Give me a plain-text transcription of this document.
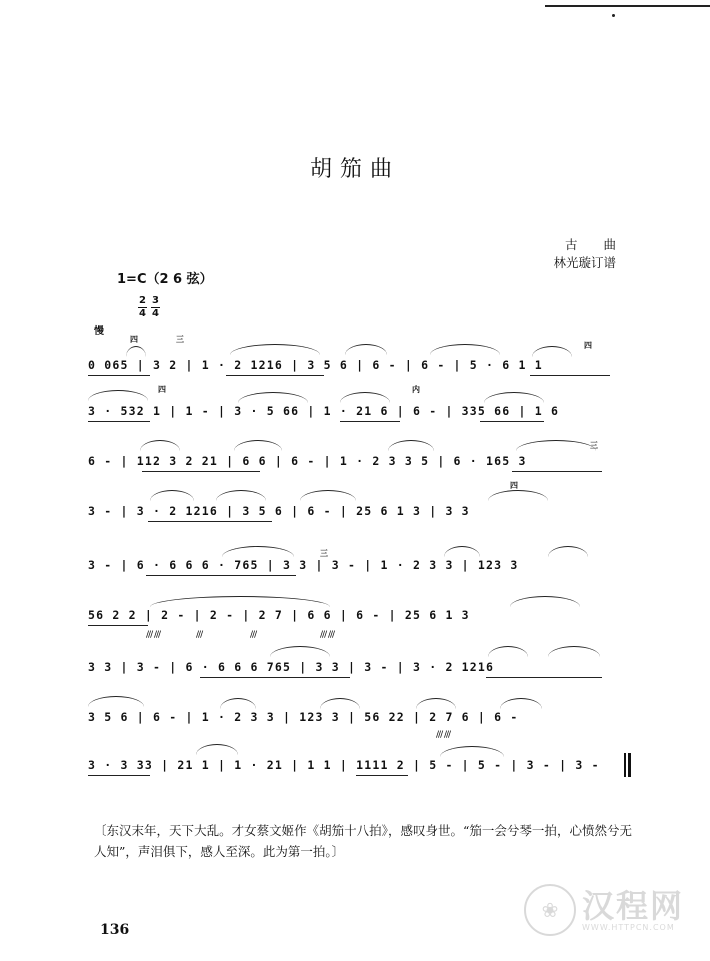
胡笳曲
古曲
林光璇订谱
1=C（2 6 弦）
$\frac{2}{4} \frac{3}{4}$
慢
0 065 | 3 2 | 1 · 2 1216 | 3 5 6 | 6 - | 6 - | 5 · 6 1 1
3 · 532 1 | 1 - | 3 · 5 66 | 1 · 21 6 | 6 - | 335 66 | 1 6
6 - | 112 3 2 21 | 6 6 | 6 - | 1 · 2 3 3 5 | 6 · 165 3
3 - | 3 · 2 1216 | 3 5 6 | 6 - | 25 6 1 3 | 3 3
3 - | 6 · 6 6 6 · 765 | 3 3 | 3 - | 1 · 2 3 3 | 123 3
56 2 2 | 2 - | 2 - | 2 7 | 6 6 | 6 - | 25 6 1 3
3 3 | 3 - | 6 · 6 6 6 765 | 3 3 | 3 - | 3 · 2 1216
3 5 6 | 6 - | 1 · 2 3 3 | 123 3 | 56 22 | 2 7 6 | 6 -
3 · 3 33 | 21 1 | 1 · 21 | 1 1 | 1111 2 | 5 - | 5 - | 3 - | 3 -
四	三
四
四	内
三
四
三
/// ///	///	///	/// ///
/// ///
〔东汉末年，天下大乱。才女蔡文姬作《胡笳十八拍》，感叹身世。“笳一会兮琴一拍，心愤然兮无人知”，声泪俱下，感人至深。此为第一拍。〕
136
❀ 汉程网
WWW.HTTPCN.COM
